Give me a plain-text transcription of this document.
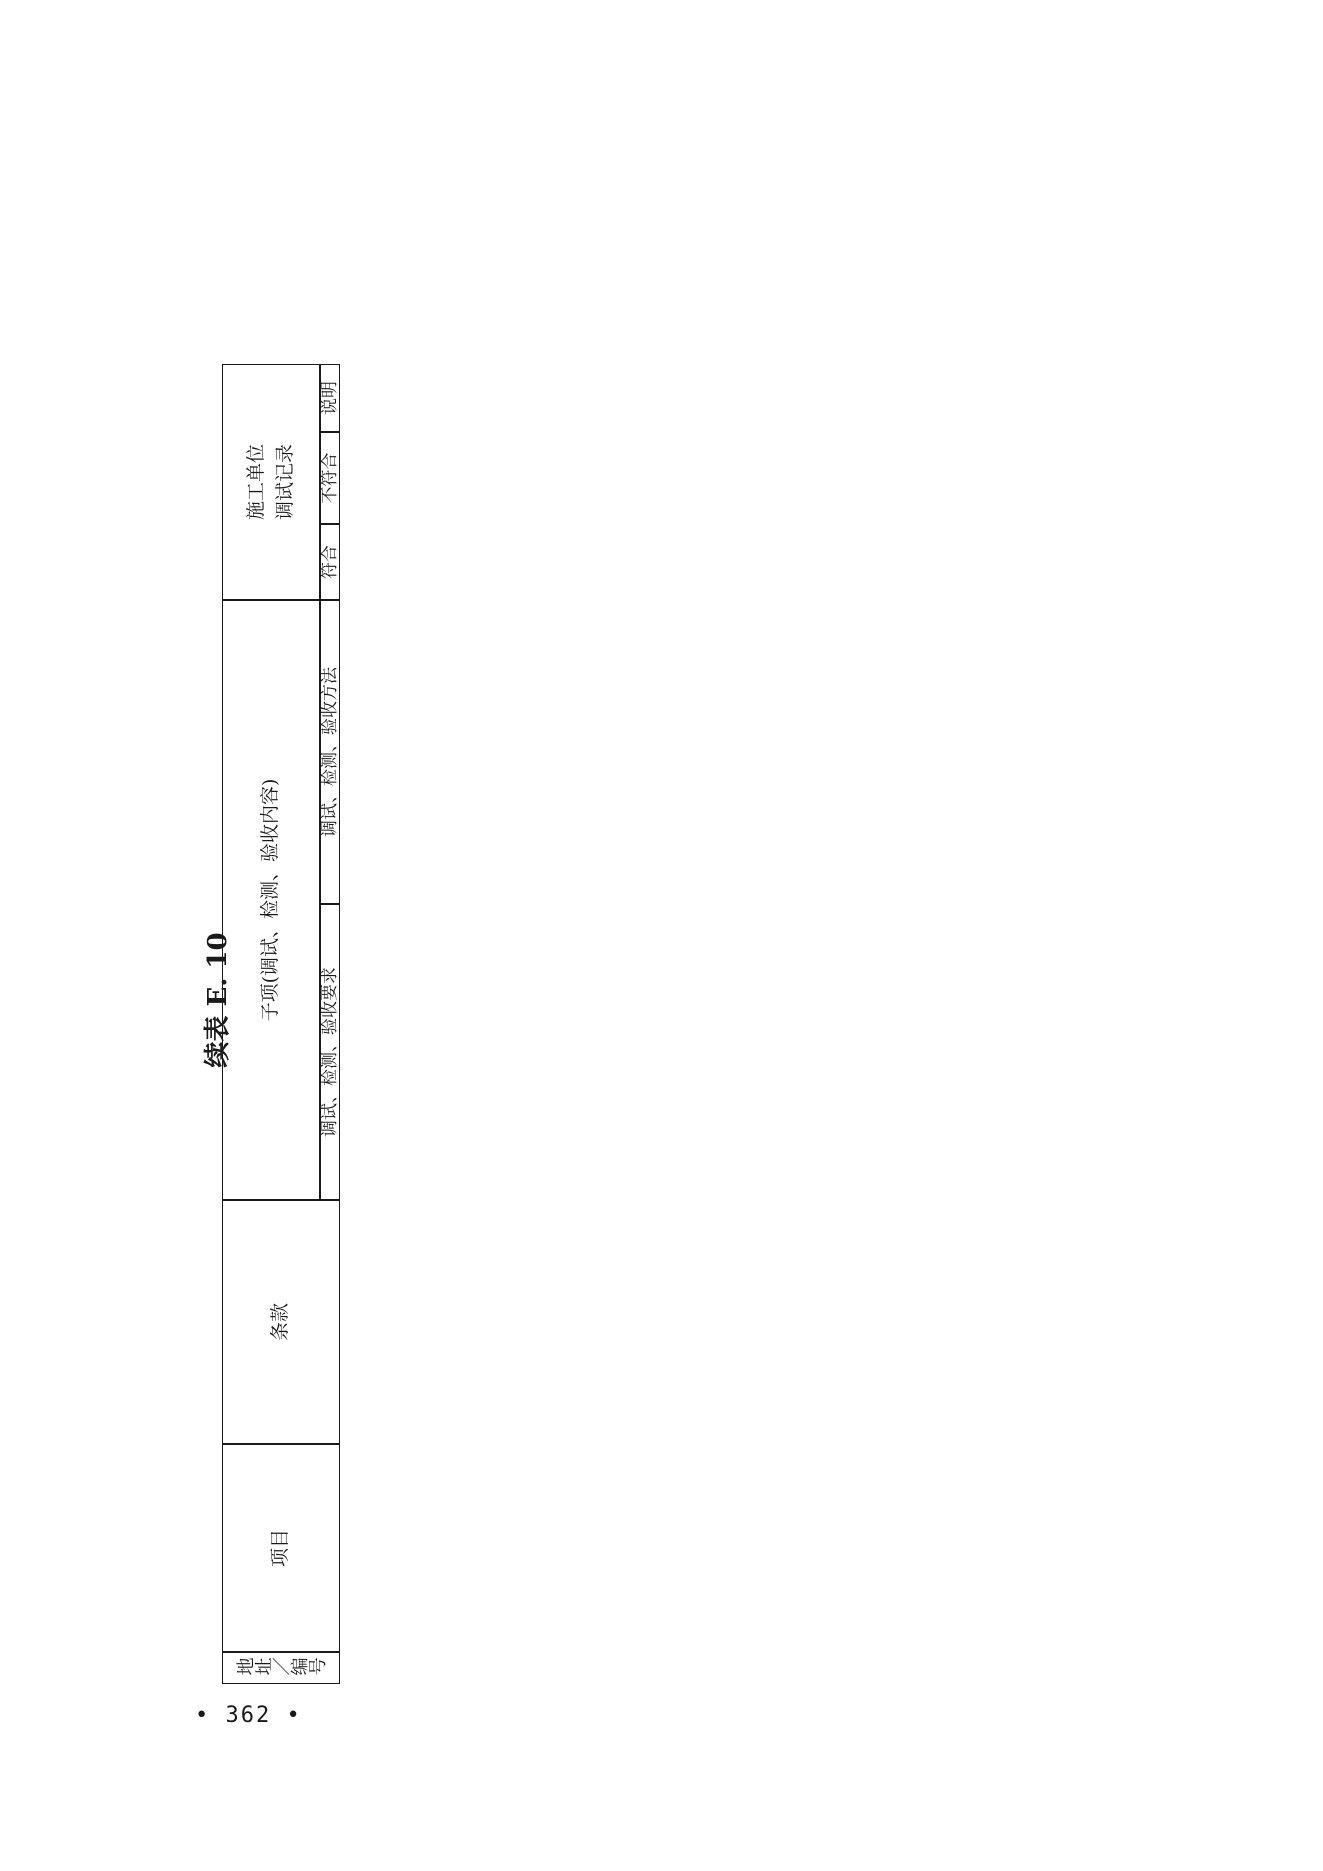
续表 E. 10
• 362 •
地址／编号
项目
条款
子项(调试、检测、验收内容)
调试、检测、验收要求
调试、检测、验收方法
施工单位
调试记录
符合
不符合
说明
